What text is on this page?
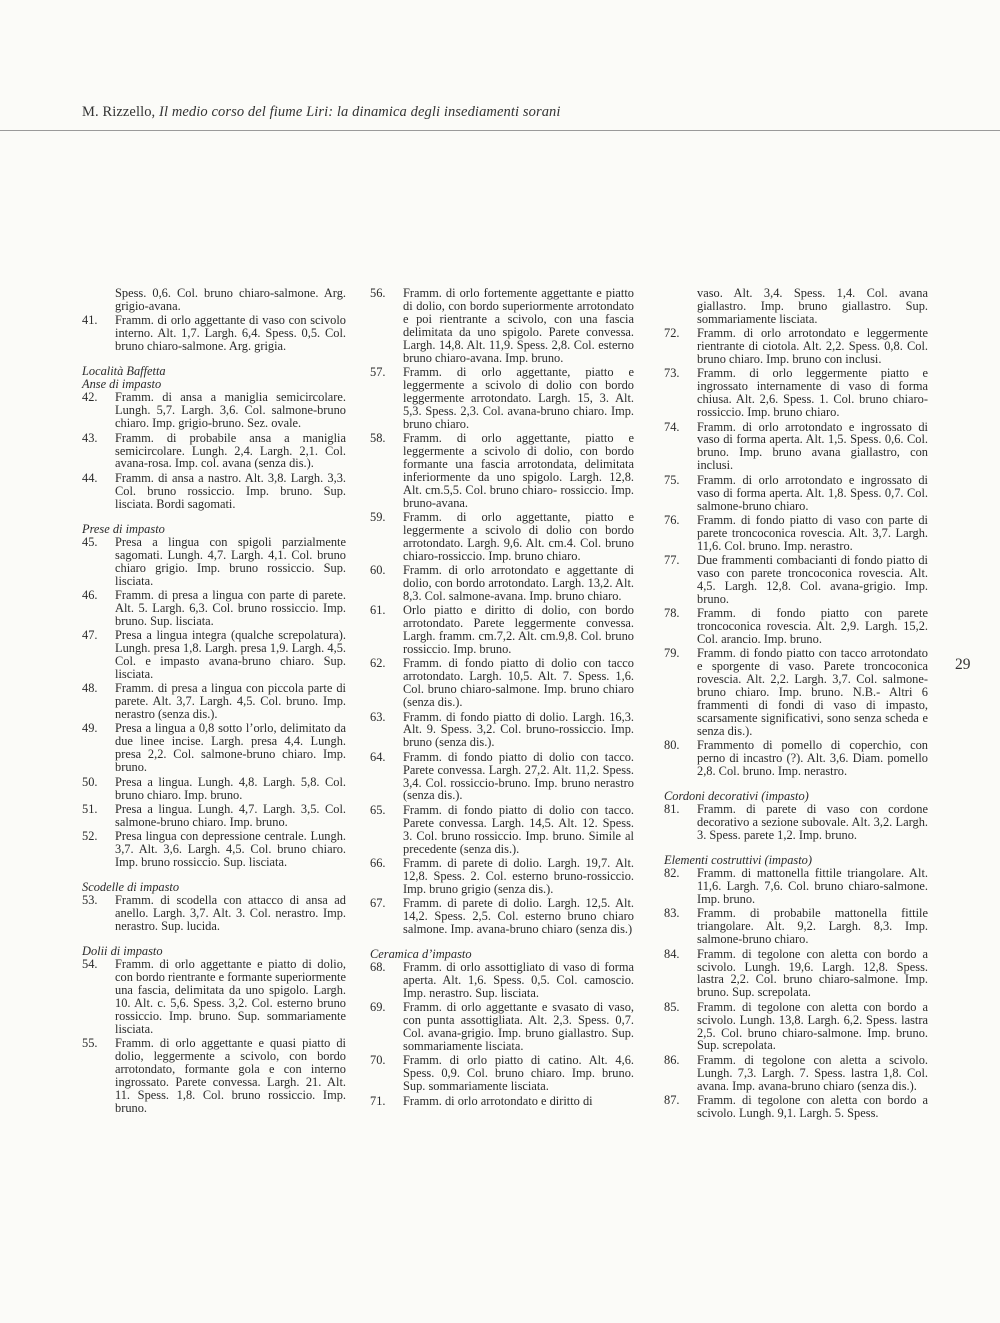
M. Rizzello, Il medio corso del fiume Liri: la dinamica degli insediamenti sorani
Spess. 0,6. Col. bruno chiaro-salmone. Arg. grigio-avana.
41. Framm. di orlo aggettante di vaso con scivolo interno. Alt. 1,7. Largh. 6,4. Spess. 0,5. Col. bruno chiaro-salmone. Arg. grigia.
Località Baffetta
Anse di impasto
42. Framm. di ansa a maniglia semicircolare. Lungh. 5,7. Largh. 3,6. Col. salmone-bruno chiaro. Imp. grigio-bruno. Sez. ovale.
43. Framm. di probabile ansa a maniglia semicircolare. Lungh. 2,4. Largh. 2,1. Col. avana-rosa. Imp. col. avana (senza dis.).
44. Framm. di ansa a nastro. Alt. 3,8. Largh. 3,3. Col. bruno rossiccio. Imp. bruno. Sup. lisciata. Bordi sagomati.
Prese di impasto
45. Presa a lingua con spigoli parzialmente sagomati. Lungh. 4,7. Largh. 4,1. Col. bruno chiaro grigio. Imp. bruno rossiccio. Sup. lisciata.
46. Framm. di presa a lingua con parte di parete. Alt. 5. Largh. 6,3. Col. bruno rossiccio. Imp. bruno. Sup. lisciata.
47. Presa a lingua integra (qualche screpolatura). Lungh. presa 1,8. Largh. presa 1,9. Largh. 4,5. Col. e impasto avana-bruno chiaro. Sup. lisciata.
48. Framm. di presa a lingua con piccola parte di parete. Alt. 3,7. Largh. 4,5. Col. bruno. Imp. nerastro (senza dis.).
49. Presa a lingua a 0,8 sotto l’orlo, delimitato da due linee incise. Largh. presa 4,4. Lungh. presa 2,2. Col. salmone-bruno chiaro. Imp. bruno.
50. Presa a lingua. Lungh. 4,8. Largh. 5,8. Col. bruno chiaro. Imp. bruno.
51. Presa a lingua. Lungh. 4,7. Largh. 3,5. Col. salmone-bruno chiaro. Imp. bruno.
52. Presa lingua con depressione centrale. Lungh. 3,7. Alt. 3,6. Largh. 4,5. Col. bruno chiaro. Imp. bruno rossiccio. Sup. lisciata.
Scodelle di impasto
53. Framm. di scodella con attacco di ansa ad anello. Largh. 3,7. Alt. 3. Col. nerastro. Imp. nerastro. Sup. lucida.
Dolii di impasto
54. Framm. di orlo aggettante e piatto di dolio, con bordo rientrante e formante superiormente una fascia, delimitata da uno spigolo. Largh. 10. Alt. c. 5,6. Spess. 3,2. Col. esterno bruno rossiccio. Imp. bruno. Sup. sommariamente lisciata.
55. Framm. di orlo aggettante e quasi piatto di dolio, leggermente a scivolo, con bordo arrotondato, formante gola e con interno ingrossato. Parete convessa. Largh. 21. Alt. 11. Spess. 1,8. Col. bruno rossiccio. Imp. bruno.
56. Framm. di orlo fortemente aggettante e piatto di dolio, con bordo superiormente arrotondato e poi rientrante a scivolo, con una fascia delimitata da uno spigolo. Parete convessa. Largh. 14,8. Alt. 11,9. Spess. 2,8. Col. esterno bruno chiaro-avana. Imp. bruno.
57. Framm. di orlo aggettante, piatto e leggermente a scivolo di dolio con bordo leggermente arrotondato. Largh. 15, 3. Alt. 5,3. Spess. 2,3. Col. avana-bruno chiaro. Imp. bruno chiaro.
58. Framm. di orlo aggettante, piatto e leggermente a scivolo di dolio, con bordo formante una fascia arrotondata, delimitata inferiormente da uno spigolo. Largh. 12,8. Alt. cm.5,5. Col. bruno chiaro- rossiccio. Imp. bruno-avana.
59. Framm. di orlo aggettante, piatto e leggermente a scivolo di dolio con bordo arrotondato. Largh. 9,6. Alt. cm.4. Col. bruno chiaro-rossiccio. Imp. bruno chiaro.
60. Framm. di orlo arrotondato e aggettante di dolio, con bordo arrotondato. Largh. 13,2. Alt. 8,3. Col. salmone-avana. Imp. bruno chiaro.
61. Orlo piatto e diritto di dolio, con bordo arrotondato. Parete leggermente convessa. Largh. framm. cm.7,2. Alt. cm.9,8. Col. bruno rossiccio. Imp. bruno.
62. Framm. di fondo piatto di dolio con tacco arrotondato. Largh. 10,5. Alt. 7. Spess. 1,6. Col. bruno chiaro-salmone. Imp. bruno chiaro (senza dis.).
63. Framm. di fondo piatto di dolio. Largh. 16,3. Alt. 9. Spess. 3,2. Col. bruno-rossiccio. Imp. bruno (senza dis.).
64. Framm. di fondo piatto di dolio con tacco. Parete convessa. Largh. 27,2. Alt. 11,2. Spess. 3,4. Col. rossiccio-bruno. Imp. bruno nerastro (senza dis.).
65. Framm. di fondo piatto di dolio con tacco. Parete convessa. Largh. 14,5. Alt. 12. Spess. 3. Col. bruno rossiccio. Imp. bruno. Simile al precedente (senza dis.).
66. Framm. di parete di dolio. Largh. 19,7. Alt. 12,8. Spess. 2. Col. esterno bruno-rossiccio. Imp. bruno grigio (senza dis.).
67. Framm. di parete di dolio. Largh. 12,5. Alt. 14,2. Spess. 2,5. Col. esterno bruno chiaro salmone. Imp. avana-bruno chiaro (senza dis.)
Ceramica d’impasto
68. Framm. di orlo assottigliato di vaso di forma aperta. Alt. 1,6. Spess. 0,5. Col. camoscio. Imp. nerastro. Sup. lisciata.
69. Framm. di orlo aggettante e svasato di vaso, con punta assottigliata. Alt. 2,3. Spess. 0,7. Col. avana-grigio. Imp. bruno giallastro. Sup. sommariamente lisciata.
70. Framm. di orlo piatto di catino. Alt. 4,6. Spess. 0,9. Col. bruno chiaro. Imp. bruno. Sup. sommariamente lisciata.
71. Framm. di orlo arrotondato e diritto di
vaso. Alt. 3,4. Spess. 1,4. Col. avana giallastro. Imp. bruno giallastro. Sup. sommariamente lisciata.
72. Framm. di orlo arrotondato e leggermente rientrante di ciotola. Alt. 2,2. Spess. 0,8. Col. bruno chiaro. Imp. bruno con inclusi.
73. Framm. di orlo leggermente piatto e ingrossato internamente di vaso di forma chiusa. Alt. 2,6. Spess. 1. Col. bruno chiaro-rossiccio. Imp. bruno chiaro.
74. Framm. di orlo arrotondato e ingrossato di vaso di forma aperta. Alt. 1,5. Spess. 0,6. Col. bruno. Imp. bruno avana giallastro, con inclusi.
75. Framm. di orlo arrotondato e ingrossato di vaso di forma aperta. Alt. 1,8. Spess. 0,7. Col. salmone-bruno chiaro.
76. Framm. di fondo piatto di vaso con parte di parete troncoconica rovescia. Alt. 3,7. Largh. 11,6. Col. bruno. Imp. nerastro.
77. Due frammenti combacianti di fondo piatto di vaso con parete troncoconica rovescia. Alt. 4,5. Largh. 12,8. Col. avana-grigio. Imp. bruno.
78. Framm. di fondo piatto con parete troncoconica rovescia. Alt. 2,9. Largh. 15,2. Col. arancio. Imp. bruno.
79. Framm. di fondo piatto con tacco arrotondato e sporgente di vaso. Parete troncoconica rovescia. Alt. 2,2. Largh. 3,7. Col. salmone-bruno chiaro. Imp. bruno. N.B.- Altri 6 frammenti di fondi di vaso di impasto, scarsamente significativi, sono senza scheda e senza dis.).
80. Frammento di pomello di coperchio, con perno di incastro (?). Alt. 3,6. Diam. pomello 2,8. Col. bruno. Imp. nerastro.
Cordoni decorativi (impasto)
81. Framm. di parete di vaso con cordone decorativo a sezione subovale. Alt. 3,2. Largh. 3. Spess. parete 1,2. Imp. bruno.
Elementi costruttivi (impasto)
82. Framm. di mattonella fittile triangolare. Alt. 11,6. Largh. 7,6. Col. bruno chiaro-salmone. Imp. bruno.
83. Framm. di probabile mattonella fittile triangolare. Alt. 9,2. Largh. 8,3. Imp. salmone-bruno chiaro.
84. Framm. di tegolone con aletta con bordo a scivolo. Lungh. 19,6. Largh. 12,8. Spess. lastra 2,2. Col. bruno chiaro-salmone. Imp. bruno. Sup. screpolata.
85. Framm. di tegolone con aletta con bordo a scivolo. Lungh. 13,8. Largh. 6,2. Spess. lastra 2,5. Col. bruno chiaro-salmone. Imp. bruno. Sup. screpolata.
86. Framm. di tegolone con aletta a scivolo. Lungh. 7,3. Largh. 7. Spess. lastra 1,8. Col. avana. Imp. avana-bruno chiaro (senza dis.).
87. Framm. di tegolone con aletta con bordo a scivolo. Lungh. 9,1. Largh. 5. Spess.
29
